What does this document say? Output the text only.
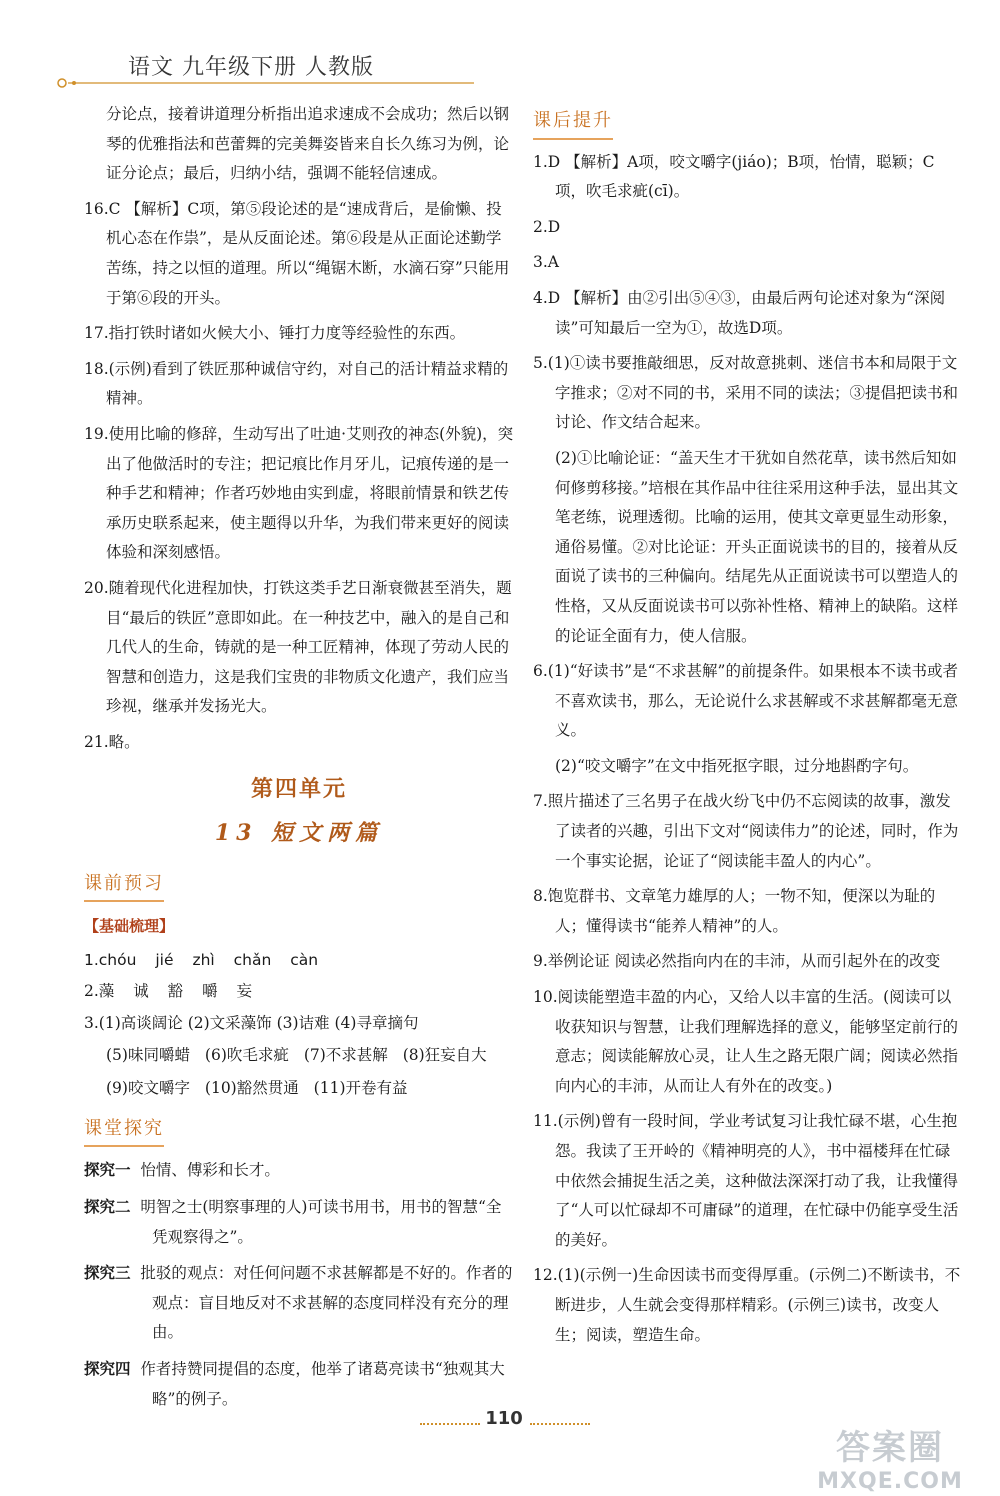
语文 九年级下册 人教版
分论点，接着讲道理分析指出追求速成不会成功；然后以钢琴的优雅指法和芭蕾舞的完美舞姿皆来自长久练习为例，论证分论点；最后，归纳小结，强调不能轻信速成。
16.C 【解析】C项，第⑤段论述的是“速成背后，是偷懒、投机心态在作祟”，是从反面论述。第⑥段是从正面论述勤学苦练，持之以恒的道理。所以“绳锯木断，水滴石穿”只能用于第⑥段的开头。
17.指打铁时诸如火候大小、锤打力度等经验性的东西。
18.(示例)看到了铁匠那种诚信守约，对自己的活计精益求精的精神。
19.使用比喻的修辞，生动写出了吐迪·艾则孜的神态(外貌)，突出了他做活时的专注；把记痕比作月牙儿，记痕传递的是一种手艺和精神；作者巧妙地由实到虚，将眼前情景和铁艺传承历史联系起来，使主题得以升华，为我们带来更好的阅读体验和深刻感悟。
20.随着现代化进程加快，打铁这类手艺日渐衰微甚至消失，题目“最后的铁匠”意即如此。在一种技艺中，融入的是自己和几代人的生命，铸就的是一种工匠精神，体现了劳动人民的智慧和创造力，这是我们宝贵的非物质文化遗产，我们应当珍视，继承并发扬光大。
21.略。
第四单元
13 短文两篇
课前预习
【基础梳理】
1.chóu jié zhì chǎn càn
2.藻 诚 豁 嚼 妄
3.(1)高谈阔论 (2)文采藻饰 (3)诘难 (4)寻章摘句
(5)味同嚼蜡 (6)吹毛求疵 (7)不求甚解 (8)狂妄自大
(9)咬文嚼字 (10)豁然贯通 (11)开卷有益
课堂探究
探究一 怡情、傅彩和长才。
探究二 明智之士(明察事理的人)可读书用书，用书的智慧“全凭观察得之”。
探究三 批驳的观点：对任何问题不求甚解都是不好的。作者的观点：盲目地反对不求甚解的态度同样没有充分的理由。
探究四 作者持赞同提倡的态度，他举了诸葛亮读书“独观其大略”的例子。
课后提升
1.D 【解析】A项，咬文嚼字(jiáo)；B项，怡情，聪颖；C项，吹毛求疵(cī)。
2.D
3.A
4.D 【解析】由②引出⑤④③，由最后两句论述对象为“深阅读”可知最后一空为①，故选D项。
5.(1)①读书要推敲细思，反对故意挑刺、迷信书本和局限于文字推求；②对不同的书，采用不同的读法；③提倡把读书和讨论、作文结合起来。
(2)①比喻论证：“盖天生才干犹如自然花草，读书然后知如何修剪移接。”培根在其作品中往往采用这种手法，显出其文笔老练，说理透彻。比喻的运用，使其文章更显生动形象，通俗易懂。②对比论证：开头正面说读书的目的，接着从反面说了读书的三种偏向。结尾先从正面说读书可以塑造人的性格，又从反面说读书可以弥补性格、精神上的缺陷。这样的论证全面有力，使人信服。
6.(1)“好读书”是“不求甚解”的前提条件。如果根本不读书或者不喜欢读书，那么，无论说什么求甚解或不求甚解都毫无意义。
(2)“咬文嚼字”在文中指死抠字眼，过分地斟酌字句。
7.照片描述了三名男子在战火纷飞中仍不忘阅读的故事，激发了读者的兴趣，引出下文对“阅读伟力”的论述，同时，作为一个事实论据，论证了“阅读能丰盈人的内心”。
8.饱览群书、文章笔力雄厚的人；一物不知，便深以为耻的人；懂得读书“能养人精神”的人。
9.举例论证 阅读必然指向内在的丰沛，从而引起外在的改变
10.阅读能塑造丰盈的内心，又给人以丰富的生活。(阅读可以收获知识与智慧，让我们理解选择的意义，能够坚定前行的意志；阅读能解放心灵，让人生之路无限广阔；阅读必然指向内心的丰沛，从而让人有外在的改变。)
11.(示例)曾有一段时间，学业考试复习让我忙碌不堪，心生抱怨。我读了王开岭的《精神明亮的人》，书中福楼拜在忙碌中依然会捕捉生活之美，这种做法深深打动了我，让我懂得了“人可以忙碌却不可庸碌”的道理，在忙碌中仍能享受生活的美好。
12.(1)(示例一)生命因读书而变得厚重。(示例二)不断读书，不断进步，人生就会变得那样精彩。(示例三)读书，改变人生；阅读，塑造生命。
110
答案圈
MXQE.COM
